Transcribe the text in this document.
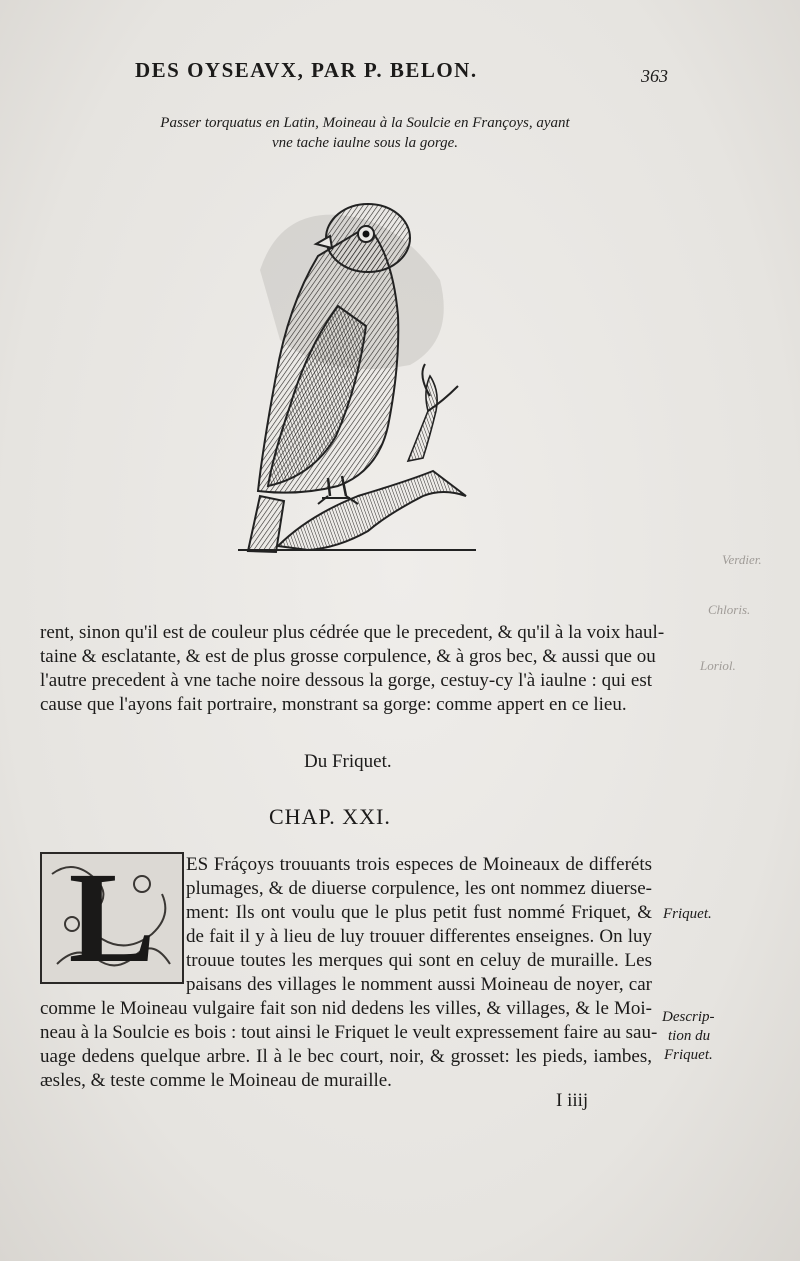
DES OYSEAVX, PAR P. BELON.	363
Passer torquatus en Latin, Moineau à la Soulcie en Françoys, ayant
vne tache iaulne sous la gorge.
Verdier.
Chloris.
Loriol.
rent, sinon qu'il est de couleur plus cédrée que le precedent, & qu'il à la voix haul-
taine & esclatante, & est de plus grosse corpulence, & à gros bec, & aussi que ou
l'autre precedent à vne tache noire dessous la gorge, cestuy-cy l'à iaulne : qui est
cause que l'ayons fait portraire, monstrant sa gorge: comme appert en ce lieu.
Du Friquet.
CHAP. XXI.
L	ES Fráçoys trouuants trois especes de Moineaux de differéts
plumages, & de diuerse corpulence, les ont nommez diuerse-
ment: Ils ont voulu que le plus petit fust nommé Friquet, &
de fait il y à lieu de luy trouuer differentes enseignes. On luy
trouue toutes les merques qui sont en celuy de muraille. Les
paisans des villages le nomment aussi Moineau de noyer, car
comme le Moineau vulgaire fait son nid dedens les villes, & villages, & le Moi-
neau à la Soulcie es bois : tout ainsi le Friquet le veult expressement faire au sau-
uage dedens quelque arbre. Il à le bec court, noir, & grosset: les pieds, iambes,
æsles, & teste comme le Moineau de muraille.
Friquet.
Descrip-
tion du
Friquet.
I iiij
